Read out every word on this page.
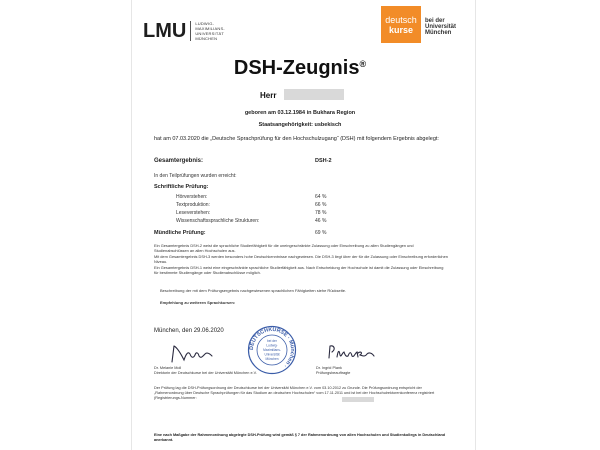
LMU LUDWIG-
MAXIMILIANS-
UNIVERSITÄT
MÜNCHEN
deutsch
kurse
bei der
Universität
München
DSH-Zeugnis®
Herr
geboren am 03.12.1984 in Bukhara Region
Staatsangehörigkeit: usbekisch
hat am 07.03.2020 die „Deutsche Sprachprüfung für den Hochschulzugang“ (DSH) mit folgendem Ergebnis abgelegt:
Gesamtergebnis:	DSH-2
In den Teilprüfungen wurden erreicht:
Schriftliche Prüfung:
Hörverstehen:	64 %
Textproduktion:	66 %
Leseverstehen:	78 %
Wissenschaftssprachliche Strukturen:	46 %
Mündliche Prüfung:	69 %

Ein Gesamtergebnis DSH-2 weist die sprachliche Studierfähigkeit für die uneingeschränkte Zulassung oder Einschreibung zu allen Studiengängen und Studienabschlüssen an allen Hochschulen aus.

Mit dem Gesamtergebnis DSH-3 werden besonders hohe Deutschkenntnisse nachgewiesen. Die DSH-3 liegt über der für die Zulassung oder Einschreibung erforderlichen Niveau.

Ein Gesamtergebnis DSH-1 weist eine eingeschränkte sprachliche Studierfähigkeit aus. Nach Entscheidung der Hochschule ist damit die Zulassung oder Einschreibung für bestimmte Studiengänge oder Studienabschlüsse möglich.

Beschreibung der mit dem Prüfungsergebnis nachgewiesenen sprachlichen Fähigkeiten siehe Rückseite.
Empfehlung zu weiteren Sprachkursen:
München, den 29.06.2020
DEUTSCHKURSE · München ·
bei der
Ludwig-
Maximilians-
Universität
München
Dr. Melanie Moll
Direktorin der Deutschkurse bei der Universität München e.V.
Dr. Ingrid Plank
Prüfungsbeauftragte
Der Prüfung lag die DSH-Prüfungsordnung der Deutschkurse bei der Universität München e.V. vom 03.10.2012 zu Grunde. Die Prüfungsordnung entspricht der „Rahmenordnung über Deutsche Sprachprüfungen für das Studium an deutschen Hochschulen“ vom 17.11.2011 und ist bei der Hochschulrektorenkonferenz registriert (Registrierungs-Nummer:
Eine nach Maßgabe der Rahmenordnung abgelegte DSH-Prüfung wird gemäß § 7 der Rahmenordnung von allen Hochschulen und Studienkollegs in Deutschland anerkannt.
